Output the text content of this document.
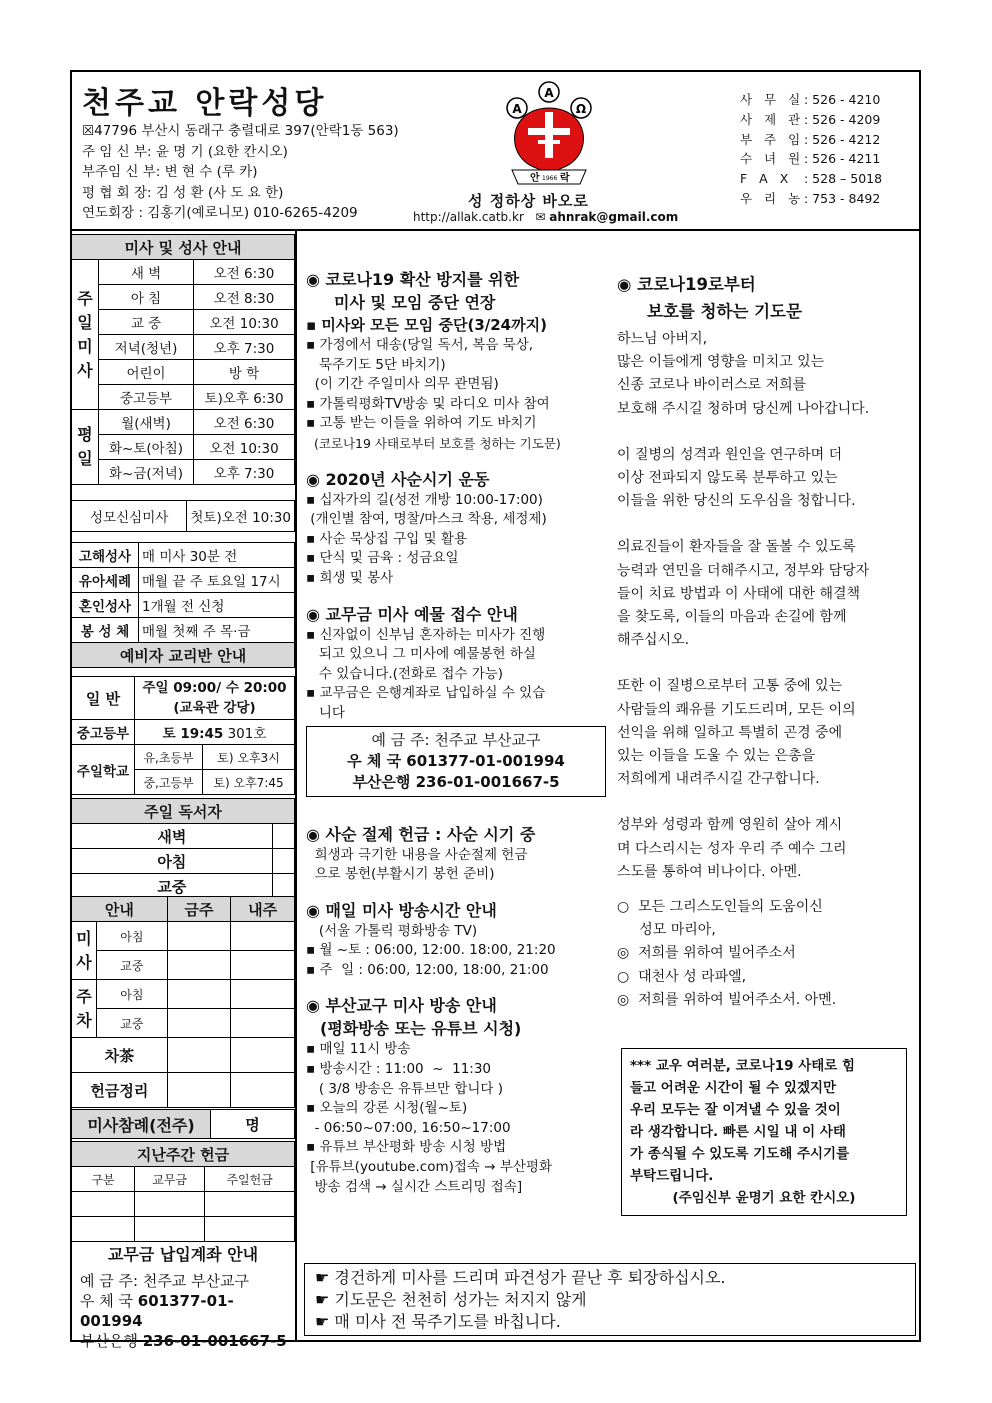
천주교 안락성당
☒47796 부산시 동래구 충렬대로 397(안락1동 563)
주 임 신 부: 윤 명 기 (요한 칸시오)
부주임 신 부: 변 현 수 (루 카)
평 협 회 장: 김 성 환 (사 도 요 한)
연도회장 : 김홍기(예로니모) 010-6265-4209
A
A	Ω
안 1966 락
성 정하상 바오로
http://allak.catb.kr ✉ ahnrak@gmail.com
사 무 실 : 526 - 4210
사 제 관 : 526 - 4209
부 주 임 : 526 - 4212
수 녀 원 : 526 - 4211
F A X : 528 – 5018
우 리 농 : 753 - 8492
미사 및 성사 안내		
주
일
미
사	새 벽	오전 6:30
	아 침	오전 8:30
	교 중	오전 10:30
	저녁(청년)	오후 7:30
	어린이	방 학
	중고등부	토)오후 6:30
평
일	월(새벽)	오전 6:30
	화~토(아침)	오전 10:30
	화~금(저녁)	오후 7:30
성모신심미사	첫토)오전 10:30
고해성사	매 미사 30분 전
유아세례	매월 끝 주 토요일 17시
혼인성사	1개월 전 신청
봉 성 체	매월 첫째 주 목·금
예비자 교리반 안내	
일 반	주일 09:00/ 수 20:00
(교육관 강당)	

중고등부	토 19:45 301호	
주일학교	유,초등부	토) 오후3시
	중,고등부	토) 오후7:45
주일 독서자	
새벽	
아침	
교중	
안내		금주	내주
미
사	아침		
	교중		
주
차	아침		
	교중		
차茶			
헌금정리			
미사참례(전주)	명
지난주간 헌금		
구분	교무금	주일헌금

교무금 납입계좌 안내
예 금 주: 천주교 부산교구
우 체 국 601377-01-001994
부산은행 236-01-001667-5
◉ 코로나19 확산 방지를 위한
미사 및 모임 중단 연장
▪ 미사와 모든 모임 중단(3/24까지)
▪ 가정에서 대송(당일 독서, 복음 묵상,
묵주기도 5단 바치기)
(이 기간 주일미사 의무 관면됨)
▪ 가톨릭평화TV방송 및 라디오 미사 참여
▪ 고통 받는 이들을 위하여 기도 바치기
(코로나19 사태로부터 보호를 청하는 기도문)
◉ 2020년 사순시기 운동
▪ 십자가의 길(성전 개방 10:00-17:00)
(개인별 참여, 명찰/마스크 착용, 세정제)
▪ 사순 묵상집 구입 및 활용
▪ 단식 및 금육 : 성금요일
▪ 희생 및 봉사
◉ 교무금 미사 예물 접수 안내
▪ 신자없이 신부님 혼자하는 미사가 진행
되고 있으니 그 미사에 예물봉헌 하실
수 있습니다.(전화로 접수 가능)
▪ 교무금은 은행계좌로 납입하실 수 있습
니다
예 금 주: 천주교 부산교구
우 체 국 601377-01-001994
부산은행 236-01-001667-5
◉ 사순 절제 헌금 : 사순 시기 중
희생과 극기한 내용을 사순절제 헌금
으로 봉헌(부활시기 봉헌 준비)
◉ 매일 미사 방송시간 안내
(서울 가톨릭 평화방송 TV)
▪ 월 ~토 : 06:00, 12:00. 18:00, 21:20
▪ 주  일 : 06:00, 12:00, 18:00, 21:00
◉ 부산교구 미사 방송 안내
(평화방송 또는 유튜브 시청)
▪ 매일 11시 방송
▪ 방송시간 : 11:00  ~  11:30
( 3/8 방송은 유튜브만 합니다 )
▪ 오늘의 강론 시청(월~토)
- 06:50~07:00, 16:50~17:00
▪ 유튜브 부산평화 방송 시청 방법
[유튜브(youtube.com)접속 → 부산평화
방송 검색 → 실시간 스트리밍 접속]
◉ 코로나19로부터
보호를 청하는 기도문

하느님 아버지,
많은 이들에게 영향을 미치고 있는
신종 코로나 바이러스로 저희를
보호해 주시길 청하며 당신께 나아갑니다.

이 질병의 성격과 원인을 연구하며 더
이상 전파되지 않도록 분투하고 있는
이들을 위한 당신의 도우심을 청합니다.

의료진들이 환자들을 잘 돌볼 수 있도록
능력과 연민을 더해주시고, 정부와 담당자
들이 치료 방법과 이 사태에 대한 해결책
을 찾도록, 이들의 마음과 손길에 함께
해주십시오.

또한 이 질병으로부터 고통 중에 있는
사람들의 쾌유를 기도드리며, 모든 이의
선익을 위해 일하고 특별히 곤경 중에
있는 이들을 도울 수 있는 은총을
저희에게 내려주시길 간구합니다.

성부와 성령과 함께 영원히 살아 계시
며 다스리시는 성자 우리 주 예수 그리
스도를 통하여 비나이다. 아멘.

○  모든 그리스도인들의 도움이신
성모 마리아,
◎  저희를 위하여 빌어주소서
○  대천사 성 라파엘,
◎  저희를 위하여 빌어주소서. 아멘.
*** 교우 여러분, 코로나19 사태로 힘
들고 어려운 시간이 될 수 있겠지만
우리 모두는 잘 이겨낼 수 있을 것이
라 생각합니다. 빠른 시일 내 이 사태
가 종식될 수 있도록 기도해 주시기를
부탁드립니다.
(주임신부 윤명기 요한 칸시오)
☛ 경건하게 미사를 드리며 파견성가 끝난 후 퇴장하십시오.
☛ 기도문은 천천히 성가는 처지지 않게
☛ 매 미사 전 묵주기도를 바칩니다.
